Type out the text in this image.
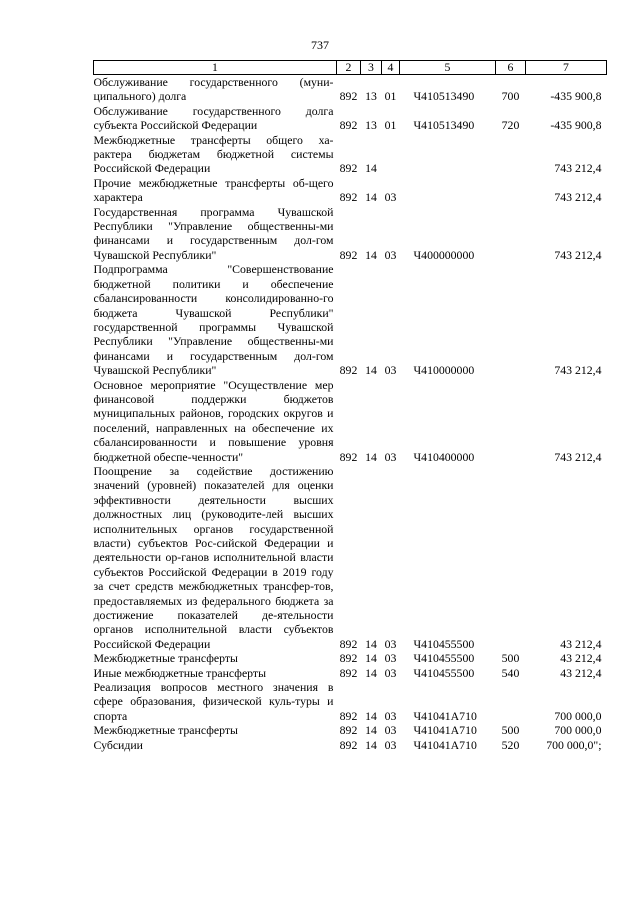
737
1	2	3	4	5	6	7
Обслуживание государственного (муни-ципального) долга	892	13	01	Ч410513490	700	-435 900,8
Обслуживание государственного долга субъекта Российской Федерации	892	13	01	Ч410513490	720	-435 900,8
Межбюджетные трансферты общего ха-рактера бюджетам бюджетной системы Российской Федерации	892	14				743 212,4
Прочие межбюджетные трансферты об-щего характера	892	14	03			743 212,4
Государственная программа Чувашской Республики "Управление общественны-ми финансами и государственным дол-гом Чувашской Республики"	892	14	03	Ч400000000		743 212,4
Подпрограмма "Совершенствование бюджетной политики и обеспечение сбалансированности консолидированно-го бюджета Чувашской Республики" государственной программы Чувашской Республики "Управление общественны-ми финансами и государственным дол-гом Чувашской Республики"	892	14	03	Ч410000000		743 212,4
Основное мероприятие "Осуществление мер финансовой поддержки бюджетов муниципальных районов, городских округов и поселений, направленных на обеспечение их сбалансированности и повышение уровня бюджетной обеспе-ченности"	892	14	03	Ч410400000		743 212,4
Поощрение за содействие достижению значений (уровней) показателей для оценки эффективности деятельности высших должностных лиц (руководите-лей высших исполнительных органов государственной власти) субъектов Рос-сийской Федерации и деятельности ор-ганов исполнительной власти субъектов Российской Федерации в 2019 году за счет средств межбюджетных трансфер-тов, предоставляемых из федерального бюджета за достижение показателей де-ятельности органов исполнительной власти субъектов Российской Федерации	892	14	03	Ч410455500		43 212,4
Межбюджетные трансферты	892	14	03	Ч410455500	500	43 212,4
Иные межбюджетные трансферты	892	14	03	Ч410455500	540	43 212,4
Реализация вопросов местного значения в сфере образования, физической куль-туры и спорта	892	14	03	Ч41041А710		700 000,0
Межбюджетные трансферты	892	14	03	Ч41041А710	500	700 000,0
Субсидии	892	14	03	Ч41041А710	520	700 000,0";
